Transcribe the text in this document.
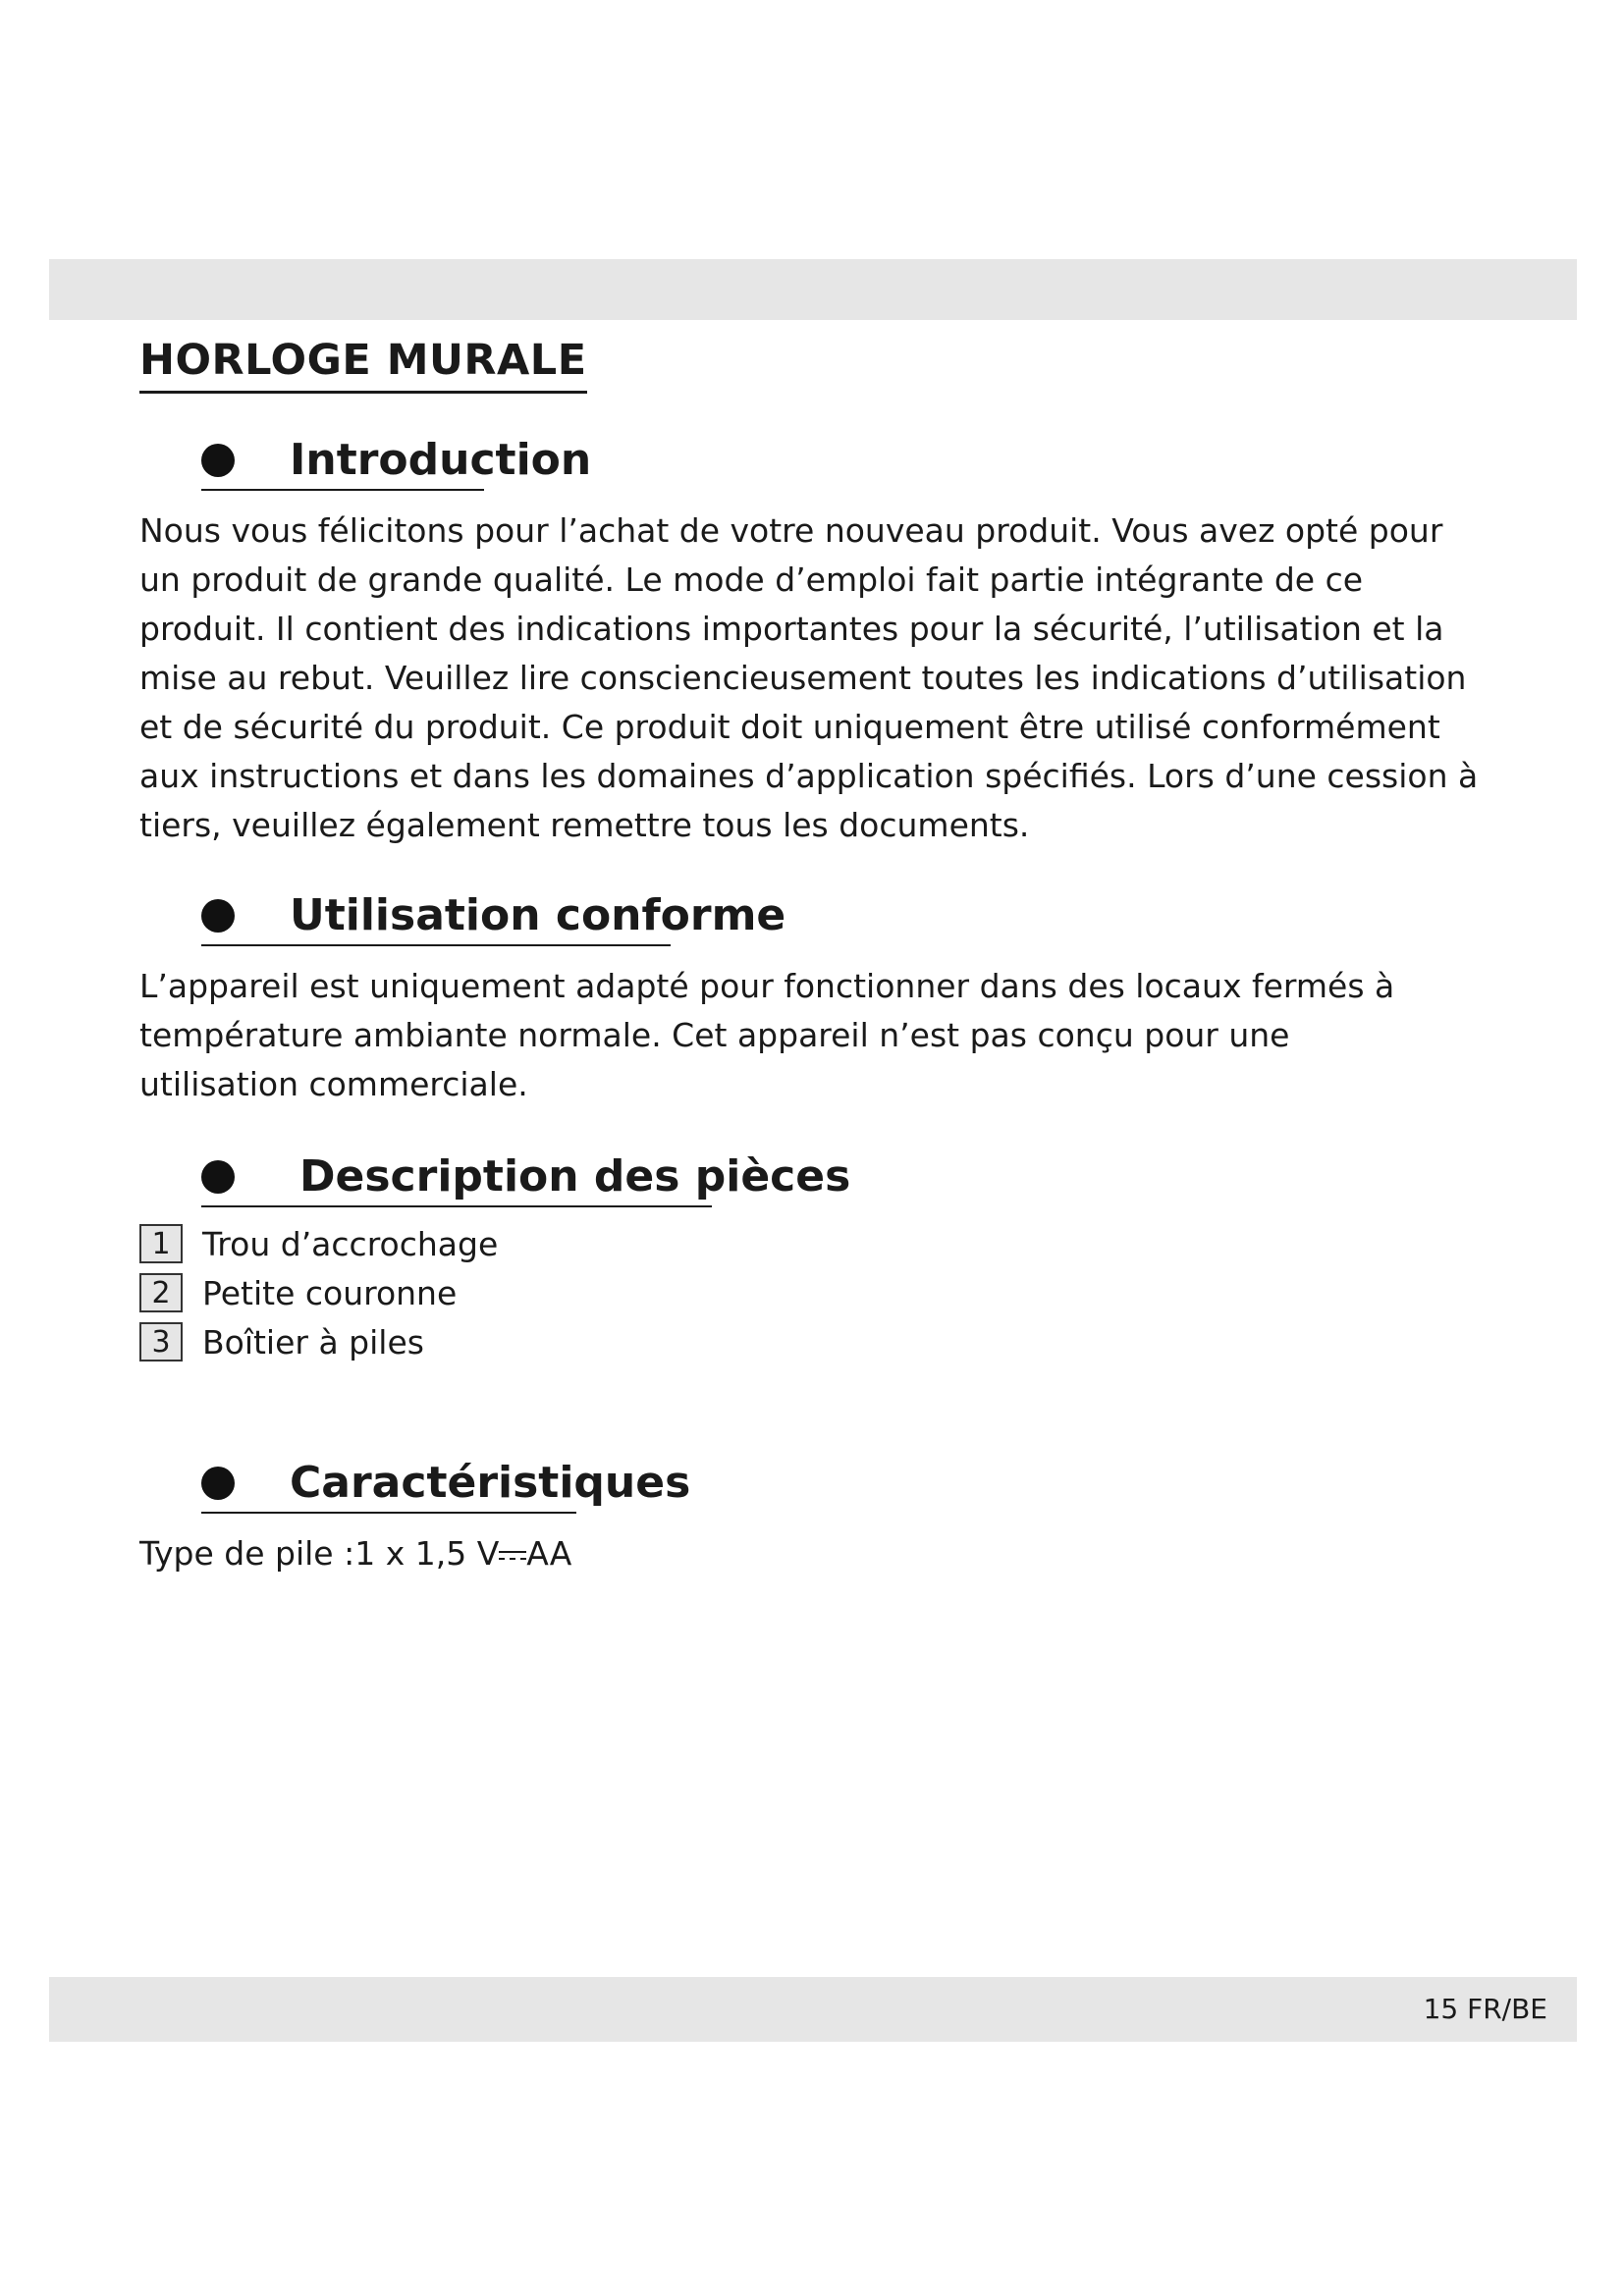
HORLOGE MURALE
Introduction

Nous vous félicitons pour l’achat de votre nouveau produit. Vous avez opté pour un produit de grande qualité. Le mode d’emploi fait partie intégrante de ce produit. Il contient des indications importantes pour la sécurité, l’utilisation et la mise au rebut. Veuillez lire consciencieusement toutes les indications d’utilisation et de sécurité du produit. Ce produit doit uniquement être utilisé conformément aux instructions et dans les domaines d’application spécifiés. Lors d’une cession à tiers, veuillez également remettre tous les documents.

Utilisation conforme

L’appareil est uniquement adapté pour fonctionner dans des locaux fermés à température ambiante normale. Cet appareil n’est pas conçu pour une utilisation commerciale.

Description des pièces
1 Trou d’accrochage
2 Petite couronne
3 Boîtier à piles
Caractéristiques

Type de pile :1 x 1,5 V AA

15 FR/BE
